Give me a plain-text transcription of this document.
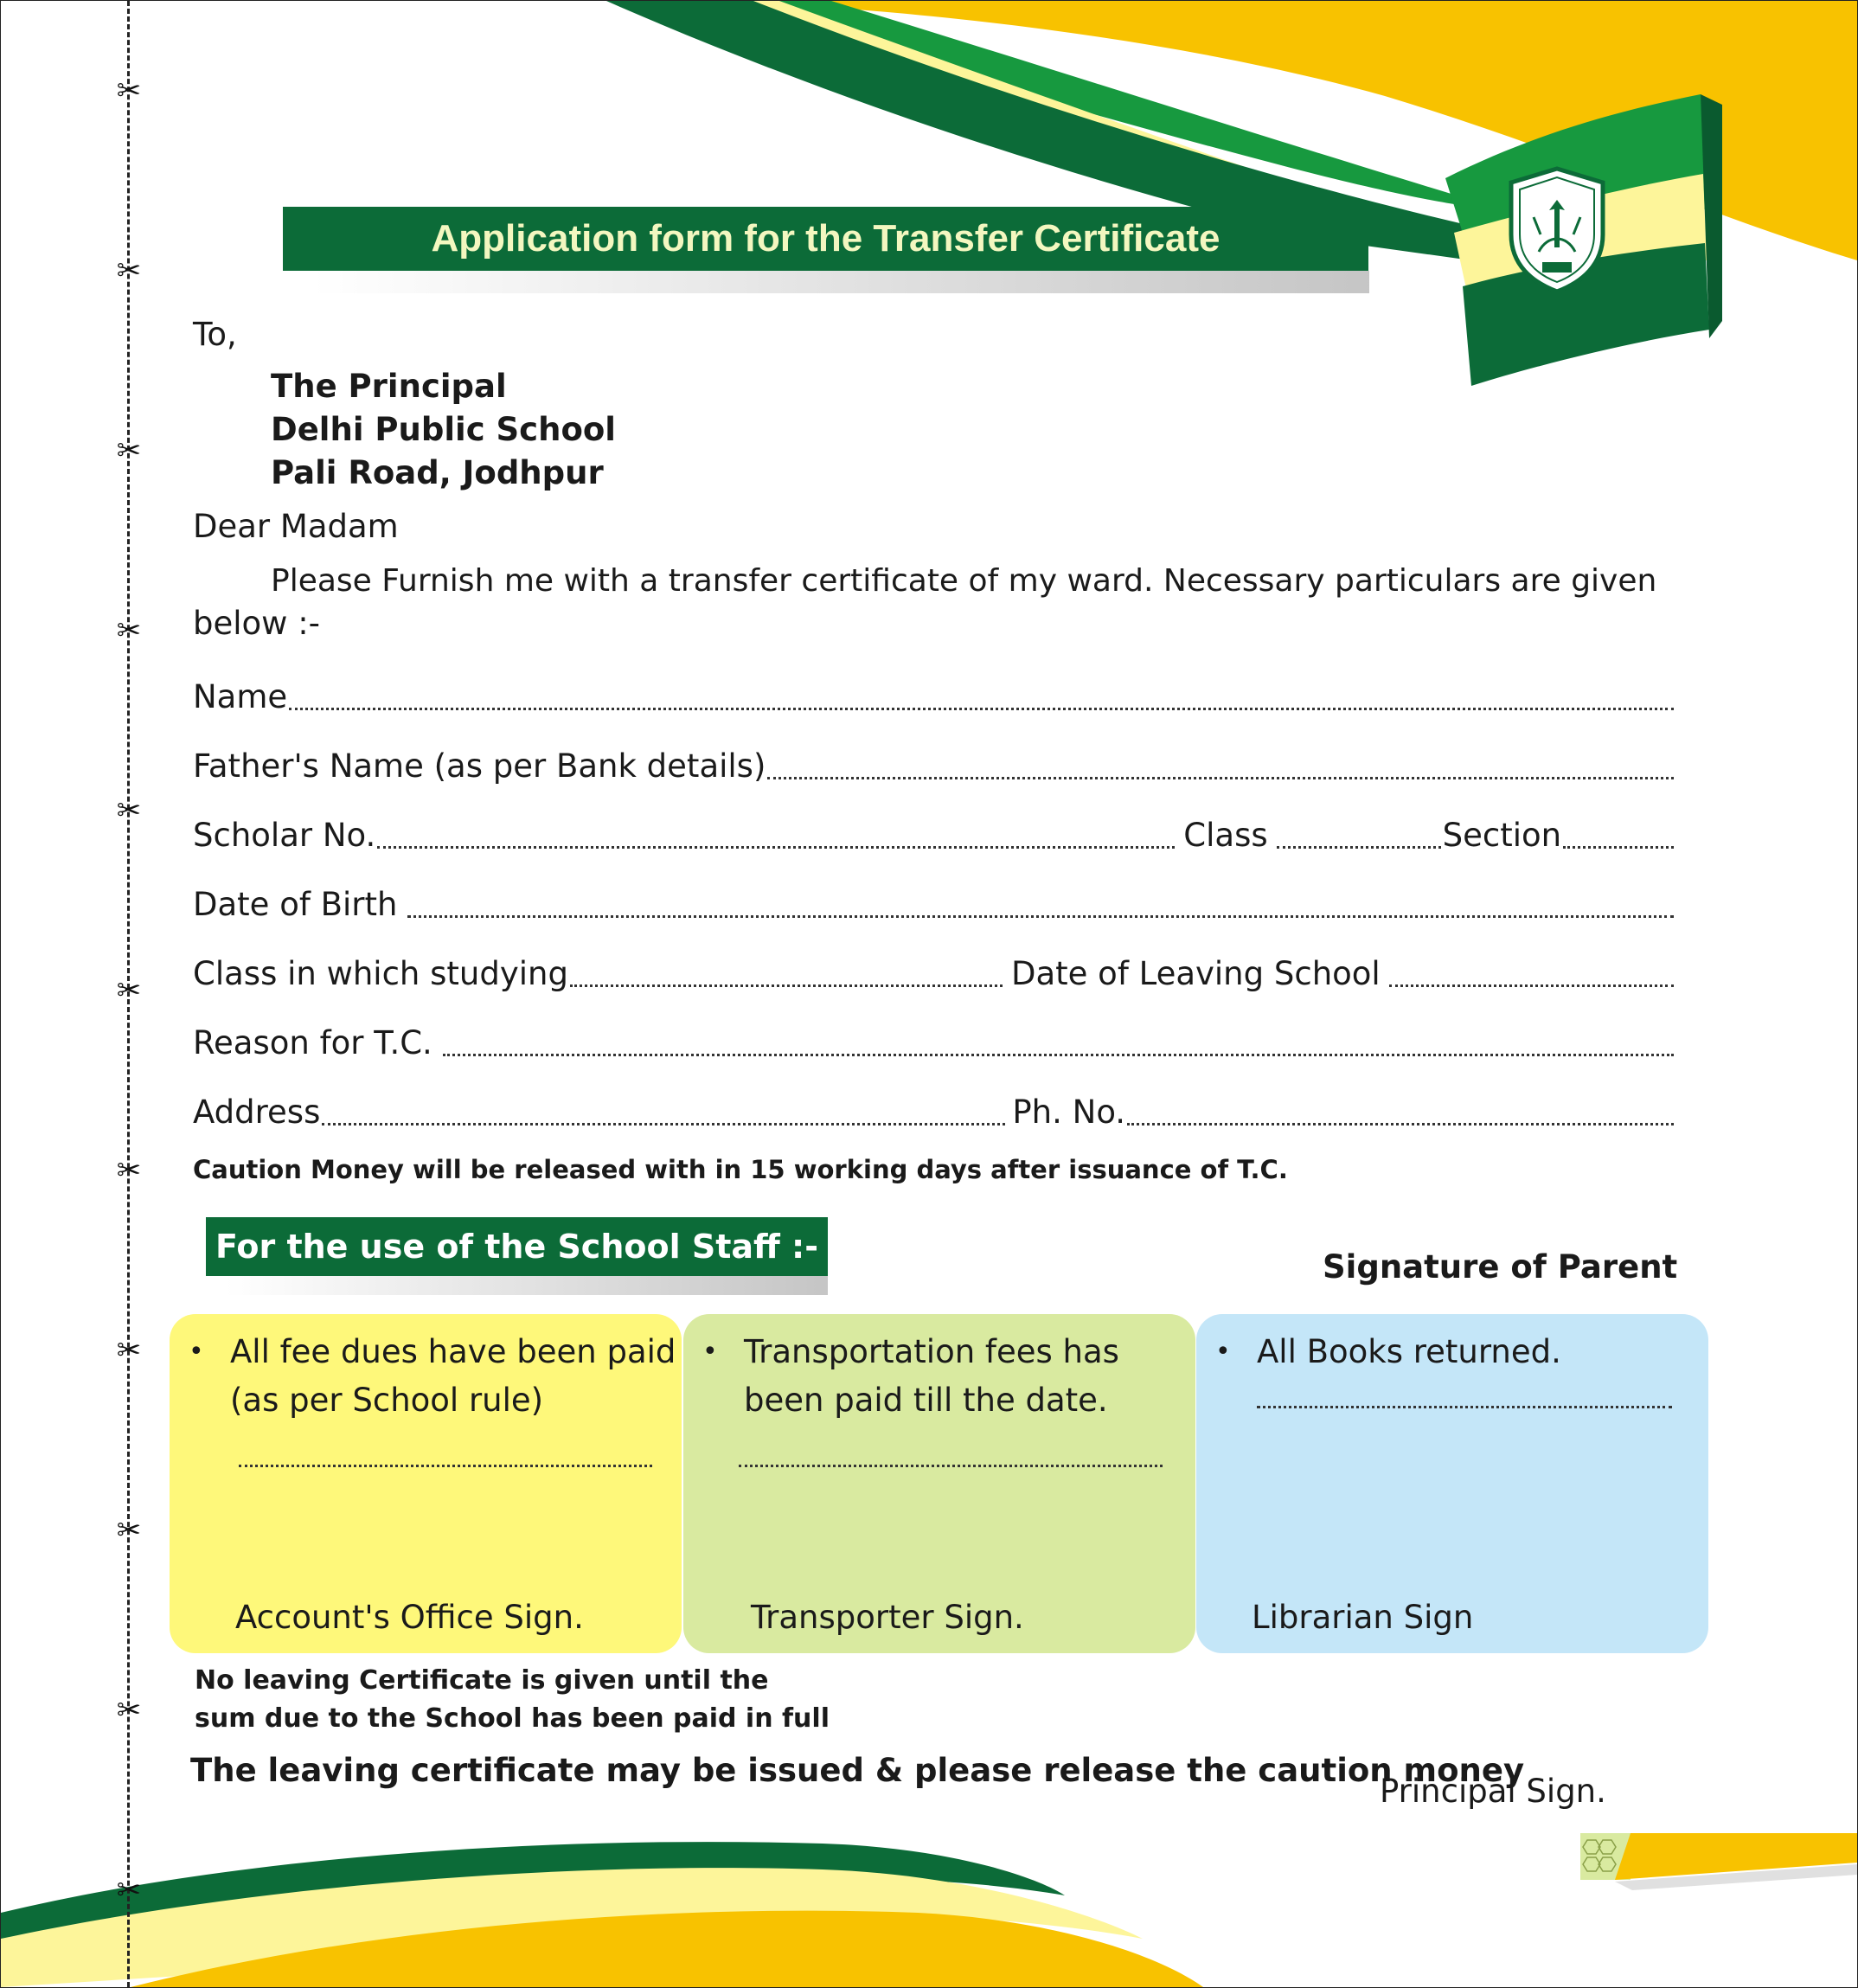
✂
✂
✂
✂
✂
✂
✂
✂
✂
✂
✂
Application form for the Transfer Certificate
To,
The Principal
Delhi Public School
Pali Road, Jodhpur
Dear Madam
Please Furnish me with a transfer certificate of my ward. Necessary particulars are given
below :-
Name
Father's Name (as per Bank details)
Scholar No.	Class	Section
Date of Birth
Class in which studying	Date of Leaving School
Reason for T.C.
Address	Ph. No.
Caution Money will be released with in 15 working days after issuance of T.C.
For the use of the School Staff :-
Signature of Parent
• All fee dues have been paid (as per School rule)
Account's Office Sign.
• Transportation fees has been paid till the date.
Transporter Sign.
• All Books returned.
Librarian Sign
No leaving Certificate is given until the
sum due to the School has been paid in full
The leaving certificate may be issued & please release the caution money
Principal Sign.
